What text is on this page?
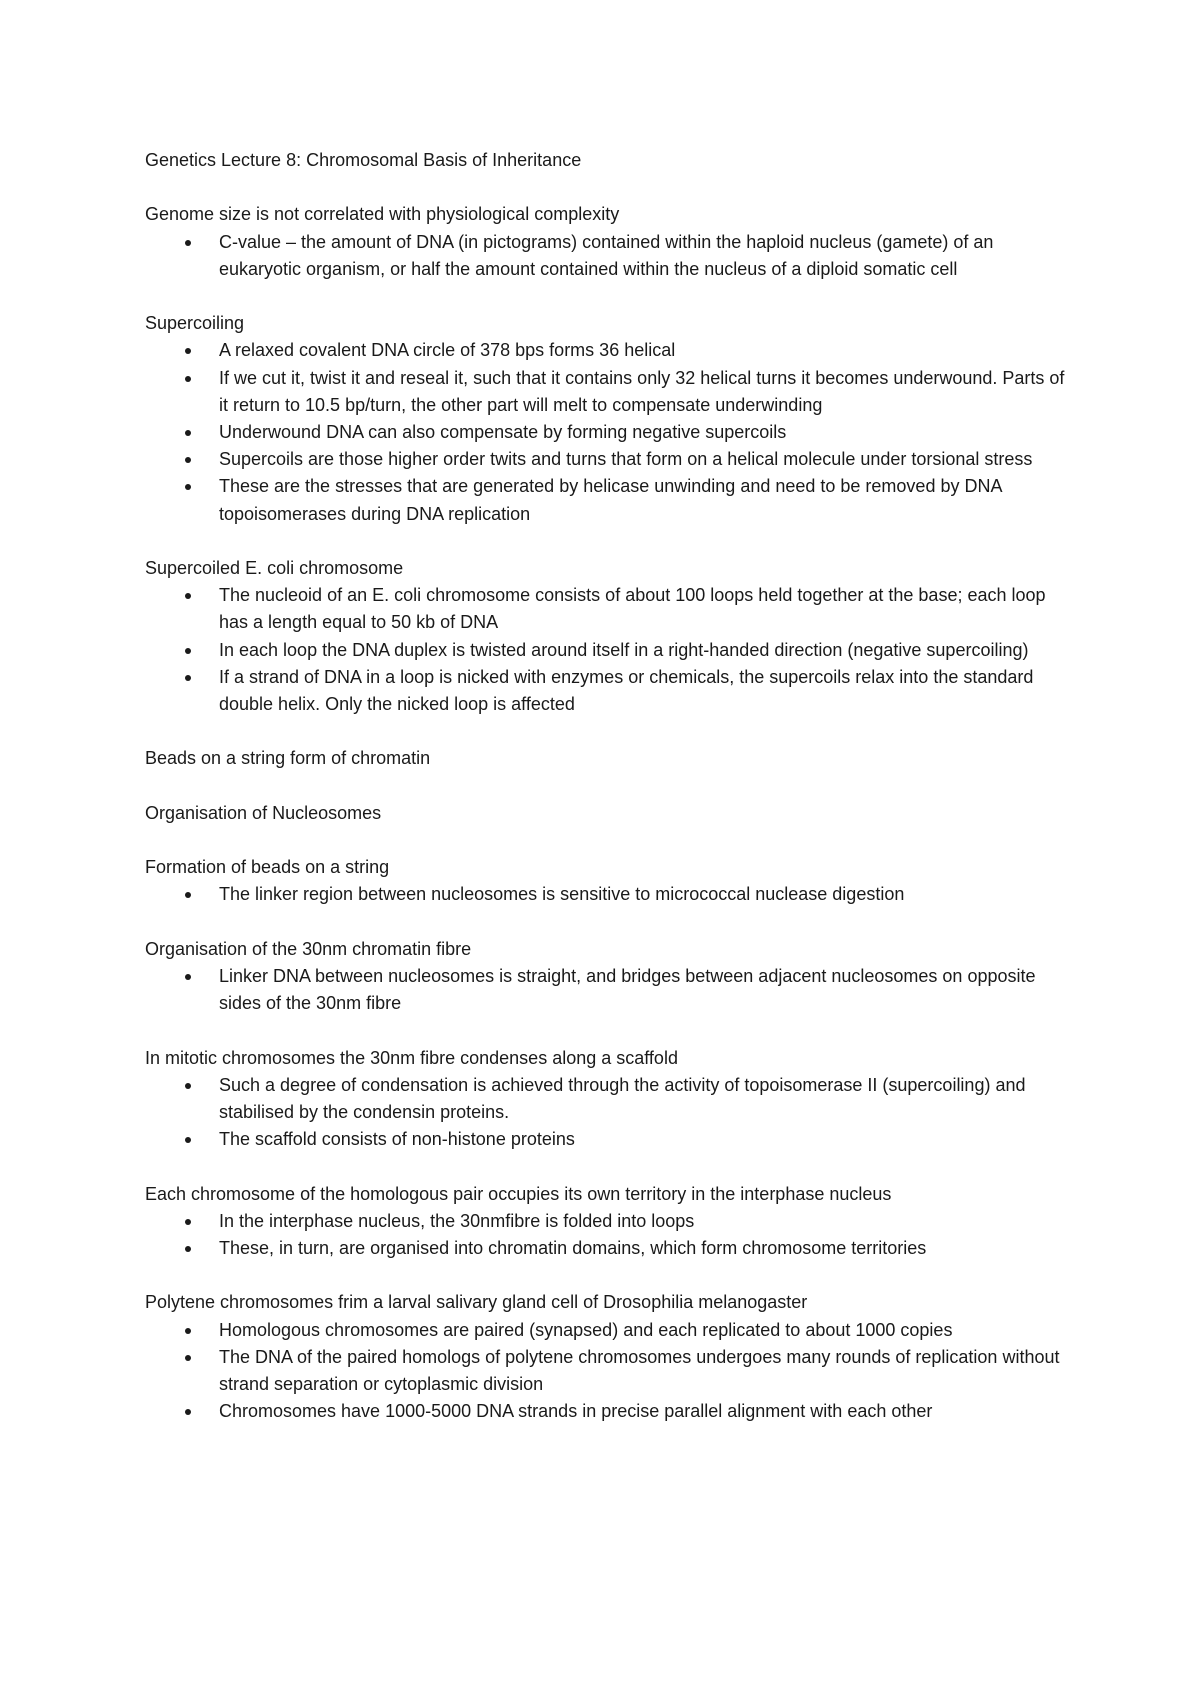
Genetics Lecture 8: Chromosomal Basis of Inheritance

Genome size is not correlated with physiological complexity

C-value – the amount of DNA (in pictograms) contained within the haploid nucleus (gamete) of an eukaryotic organism, or half the amount contained within the nucleus of a diploid somatic cell

Supercoiling

A relaxed covalent DNA circle of 378 bps forms 36 helical
If we cut it, twist it and reseal it, such that it contains only 32 helical turns it becomes underwound. Parts of it return to 10.5 bp/turn, the other part will melt to compensate underwinding
Underwound DNA can also compensate by forming negative supercoils
Supercoils are those higher order twits and turns that form on a helical molecule under torsional stress
These are the stresses that are generated by helicase unwinding and need to be removed by DNA topoisomerases during DNA replication

Supercoiled E. coli chromosome

The nucleoid of an E. coli chromosome consists of about 100 loops held together at the base; each loop has a length equal to 50 kb of DNA
In each loop the DNA duplex is twisted around itself in a right-handed direction (negative supercoiling)
If a strand of DNA in a loop is nicked with enzymes or chemicals, the supercoils relax into the standard double helix. Only the nicked loop is affected

Beads on a string form of chromatin

Organisation of Nucleosomes

Formation of beads on a string

The linker region between nucleosomes is sensitive to micrococcal nuclease digestion

Organisation of the 30nm chromatin fibre

Linker DNA between nucleosomes is straight, and bridges between adjacent nucleosomes on opposite sides of the 30nm fibre

In mitotic chromosomes the 30nm fibre condenses along a scaffold

Such a degree of condensation is achieved through the activity of topoisomerase II (supercoiling) and stabilised by the condensin proteins.
The scaffold consists of non-histone proteins

Each chromosome of the homologous pair occupies its own territory in the interphase nucleus

In the interphase nucleus, the 30nmfibre is folded into loops
These, in turn, are organised into chromatin domains, which form chromosome territories

Polytene chromosomes frim a larval salivary gland cell of Drosophilia melanogaster

Homologous chromosomes are paired (synapsed) and each replicated to about 1000 copies
The DNA of the paired homologs of polytene chromosomes undergoes many rounds of replication without strand separation or cytoplasmic division
Chromosomes have 1000-5000 DNA strands in precise parallel alignment with each other
